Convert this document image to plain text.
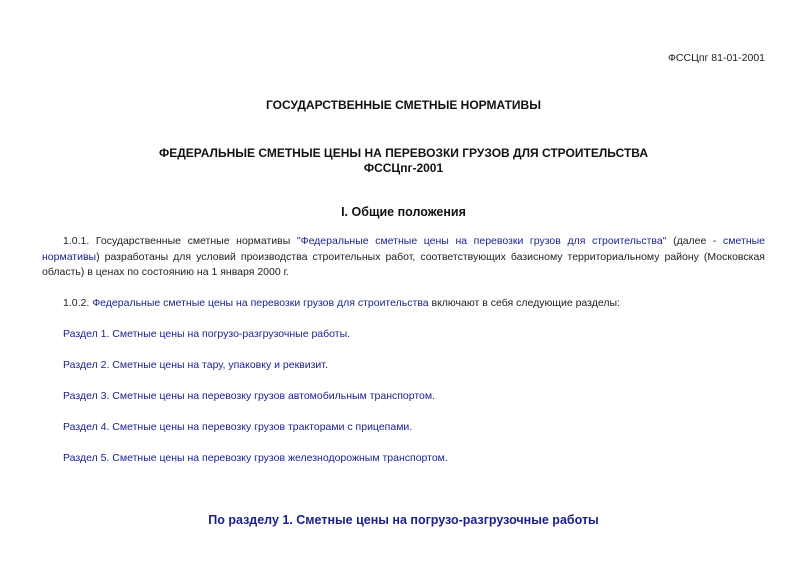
ФССЦпг 81-01-2001
ГОСУДАРСТВЕННЫЕ СМЕТНЫЕ НОРМАТИВЫ
ФЕДЕРАЛЬНЫЕ СМЕТНЫЕ ЦЕНЫ НА ПЕРЕВОЗКИ ГРУЗОВ ДЛЯ СТРОИТЕЛЬСТВА
ФССЦпг-2001
I. Общие положения
1.0.1. Государственные сметные нормативы "Федеральные сметные цены на перевозки грузов для строительства" (далее - сметные нормативы) разработаны для условий производства строительных работ, соответствующих базисному территориальному району (Московская область) в ценах по состоянию на 1 января 2000 г.
1.0.2. Федеральные сметные цены на перевозки грузов для строительства включают в себя следующие разделы:
Раздел 1. Сметные цены на погрузо-разгрузочные работы.
Раздел 2. Сметные цены на тару, упаковку и реквизит.
Раздел 3. Сметные цены на перевозку грузов автомобильным транспортом.
Раздел 4. Сметные цены на перевозку грузов тракторами с прицепами.
Раздел 5. Сметные цены на перевозку грузов железнодорожным транспортом.
По разделу 1. Сметные цены на погрузо-разгрузочные работы
